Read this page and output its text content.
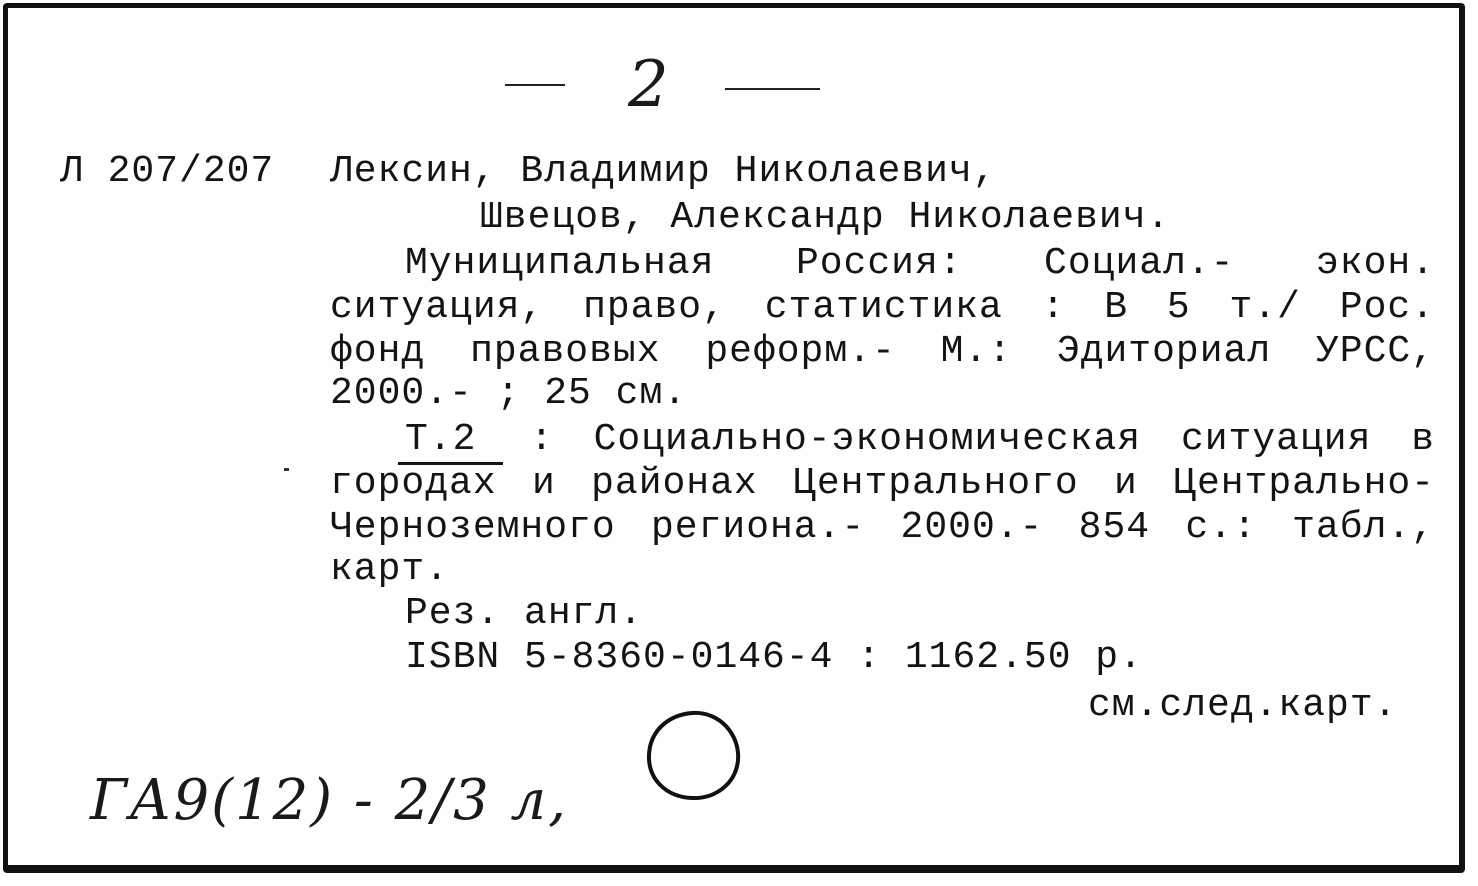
2
Л 207/207 Лексин, Владимир Николаевич,
Швецов, Александр Николаевич.
Муниципальная Россия: Социал.- экон.
ситуация, право, статистика : В 5 т./ Рос.
фонд правовых реформ.- М.: Эдиториал УРСС,
2000.- ; 25 см.
Т.2 : Социально-экономическая ситуация в
городах и районах Центрального и Центрально-
Черноземного региона.- 2000.- 854 с.: табл.,
карт.
Рез. англ.
ISBN 5-8360-0146-4 : 1162.50 р.
см.след.карт.
ГА9(12) - 2/3 л,
